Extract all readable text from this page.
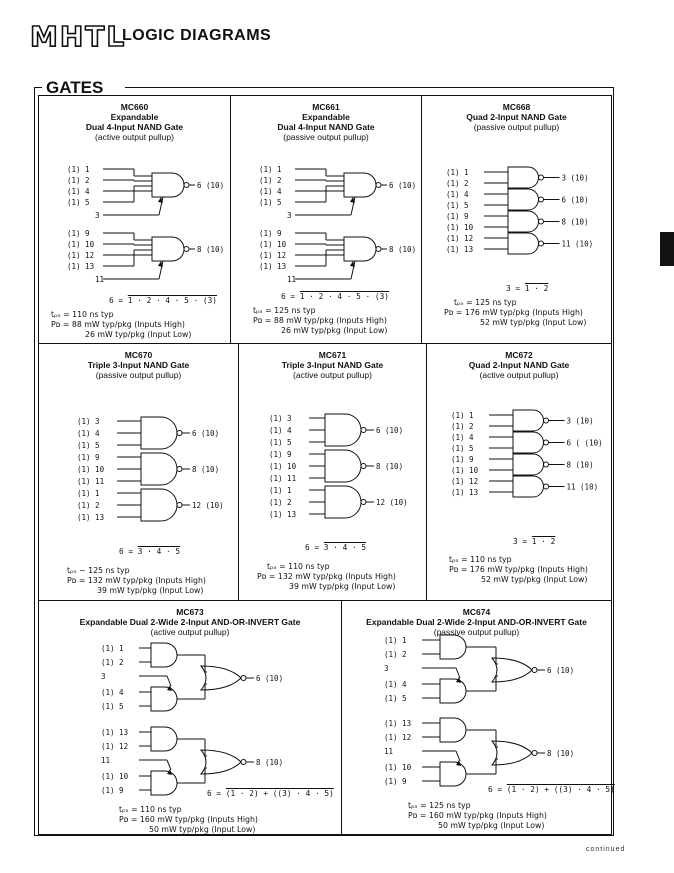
MHTL
LOGIC DIAGRAMS
GATES
MC660
Expandable
Dual 4-Input NAND Gate
(active output pullup)
(1) 1
(1) 2
(1) 4
(1) 5
3
6 (10)
(1) 9
(1) 10
(1) 12
(1) 13
11
8 (10)
6 = 1 · 2 · 4 · 5 · (3)
tₚₔ = 110 ns typ
Pᴅ = 88 mW typ/pkg (Inputs High)
26 mW typ/pkg (Input Low)
MC661
Expandable
Dual 4-Input NAND Gate
(passive output pullup)
(1) 1
(1) 2
(1) 4
(1) 5
3
6 (10)
(1) 9
(1) 10
(1) 12
(1) 13
11
8 (10)
6 = 1 · 2 · 4 · 5 · (3)
tₚₔ = 125 ns typ
Pᴅ = 88 mW typ/pkg (Inputs High)
26 mW typ/pkg (Input Low)
MC668
Quad 2-Input NAND Gate
(passive output pullup)
(1) 1
(1) 2
3 (10)
(1) 4
(1) 5
6 (10)
(1) 9
(1) 10
8 (10)
(1) 12
(1) 13
11 (10)
3 = 1 · 2
tₚₔ = 125 ns typ
Pᴅ = 176 mW typ/pkg (Inputs High)
52 mW typ/pkg (Input Low)
MC670
Triple 3-Input NAND Gate
(passive output pullup)
(1) 3
(1) 4
(1) 5
6 (10)
(1) 9
(1) 10
(1) 11
8 (10)
(1) 1
(1) 2
(1) 13
12 (10)
6 = 3 · 4 · 5
tₚₔ ~ 125 ns typ
Pᴅ = 132 mW typ/pkg (Inputs High)
39 mW typ/pkg (Input Low)
MC671
Triple 3-Input NAND Gate
(active output pullup)
(1) 3
(1) 4
(1) 5
6 (10)
(1) 9
(1) 10
(1) 11
8 (10)
(1) 1
(1) 2
(1) 13
12 (10)
6 = 3 · 4 · 5
tₚₔ = 110 ns typ
Pᴅ = 132 mW typ/pkg (Inputs High)
39 mW typ/pkg (Input Low)
MC672
Quad 2-Input NAND Gate
(active output pullup)
(1) 1
(1) 2
3 (10)
(1) 4
(1) 5
6 ( (10)
(1) 9
(1) 10
8 (10)
(1) 12
(1) 13
11 (10)
3 = 1 · 2
tₚₔ = 110 ns typ
Pᴅ = 176 mW typ/pkg (Inputs High)
52 mW typ/pkg (Input Low)
MC673
Expandable Dual 2-Wide 2-Input AND-OR-INVERT Gate
(active output pullup)
(1) 1
(1) 2
3
(1) 4
(1) 5
6 (10)
(1) 13
(1) 12
11
(1) 10
(1) 9
8 (10)
6 = (1 · 2) + ((3) · 4 · 5)
tₚₔ = 110 ns typ
Pᴅ = 160 mW typ/pkg (Inputs High)
50 mW typ/pkg (Input Low)
MC674
Expandable Dual 2-Wide 2-Input AND-OR-INVERT Gate
(passive output pullup)
(1) 1
(1) 2
3
(1) 4
(1) 5
6 (10)
(1) 13
(1) 12
11
(1) 10
(1) 9
8 (10)
6 = (1 · 2) + ((3) · 4 · 5)
tₚₔ = 125 ns typ
Pᴅ = 160 mW typ/pkg (Inputs High)
50 mW typ/pkg (Input Low)
continued
